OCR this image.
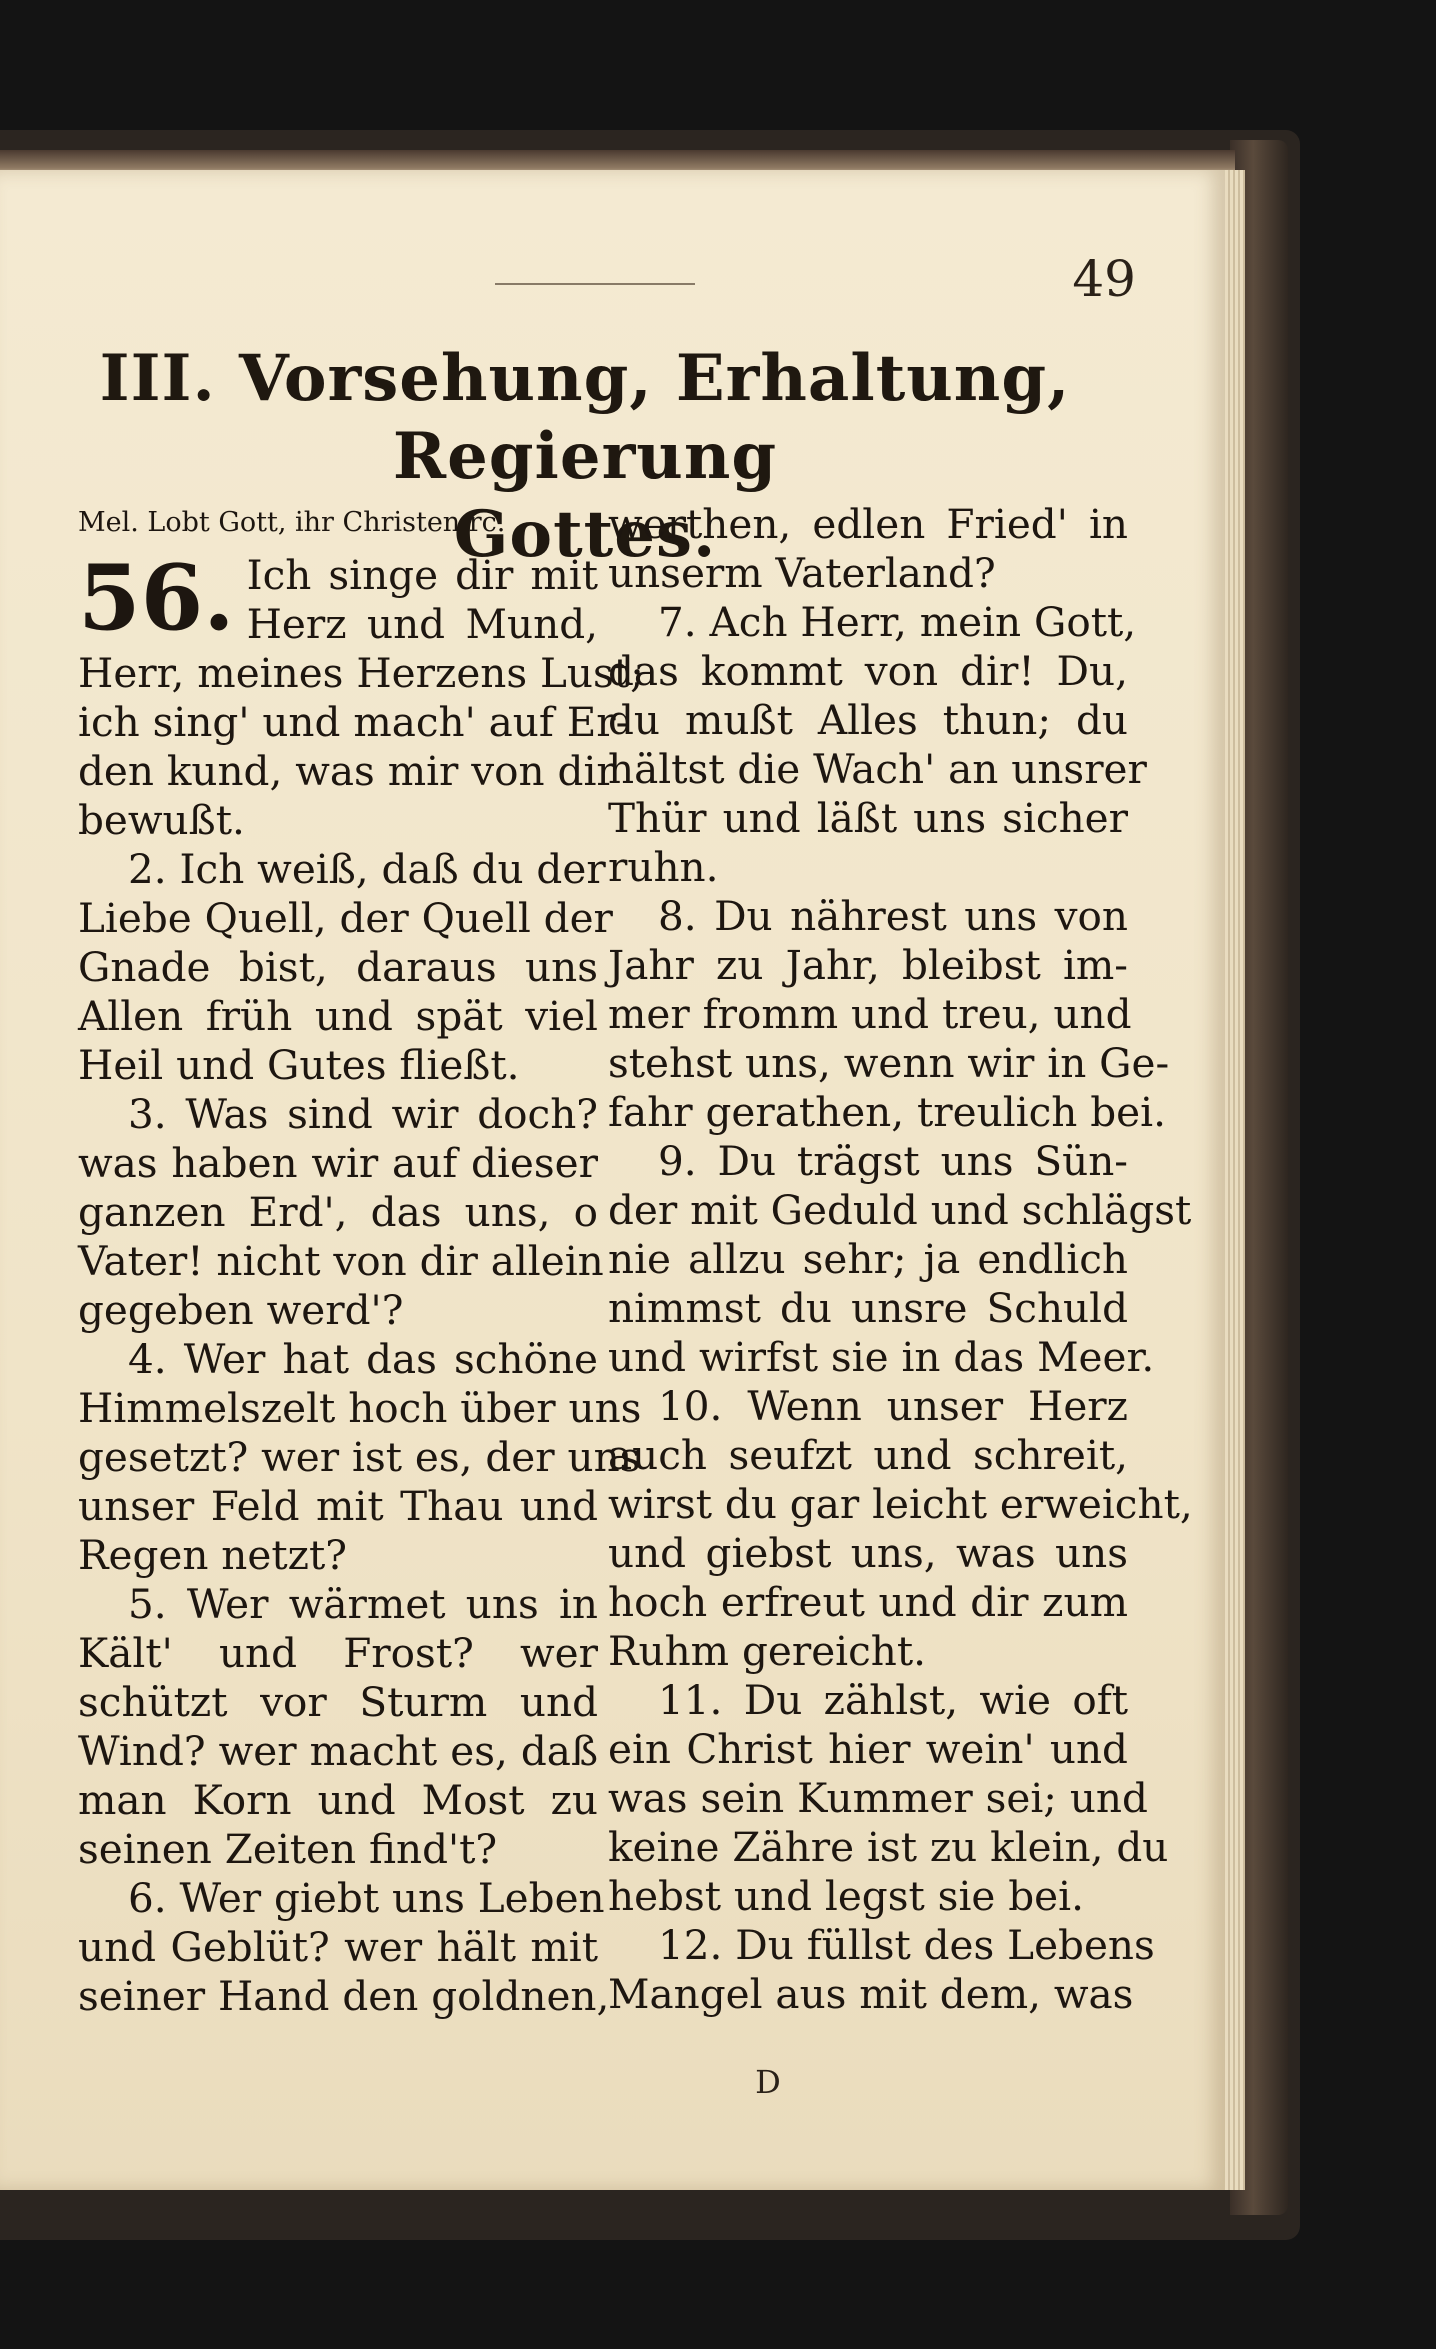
49
III. Vorsehung, Erhaltung, Regierung
Gottes.
Mel. Lobt Gott, ihr Christen rc.
56. Ich singe dir mit
Herz und Mund,
Herr, meines Herzens Lust;
ich sing' und mach' auf Er-
den kund, was mir von dir
bewußt.
2. Ich weiß, daß du der
Liebe Quell, der Quell der
Gnade bist, daraus uns
Allen früh und spät viel
Heil und Gutes fließt.
3. Was sind wir doch?
was haben wir auf dieser
ganzen Erd', das uns, o
Vater! nicht von dir allein
gegeben werd'?
4. Wer hat das schöne
Himmelszelt hoch über uns
gesetzt? wer ist es, der uns
unser Feld mit Thau und
Regen netzt?
5. Wer wärmet uns in
Kält' und Frost? wer
schützt vor Sturm und
Wind? wer macht es, daß
man Korn und Most zu
seinen Zeiten find't?
6. Wer giebt uns Leben
und Geblüt? wer hält mit
seiner Hand den goldnen,
werthen, edlen Fried' in
unserm Vaterland?
7. Ach Herr, mein Gott,
das kommt von dir! Du,
du mußt Alles thun; du
hältst die Wach' an unsrer
Thür und läßt uns sicher
ruhn.
8. Du nährest uns von
Jahr zu Jahr, bleibst im-
mer fromm und treu, und
stehst uns, wenn wir in Ge-
fahr gerathen, treulich bei.
9. Du trägst uns Sün-
der mit Geduld und schlägst
nie allzu sehr; ja endlich
nimmst du unsre Schuld
und wirfst sie in das Meer.
10. Wenn unser Herz
auch seufzt und schreit,
wirst du gar leicht erweicht,
und giebst uns, was uns
hoch erfreut und dir zum
Ruhm gereicht.
11. Du zählst, wie oft
ein Christ hier wein' und
was sein Kummer sei; und
keine Zähre ist zu klein, du
hebst und legst sie bei.
12. Du füllst des Lebens
Mangel aus mit dem, was
D
